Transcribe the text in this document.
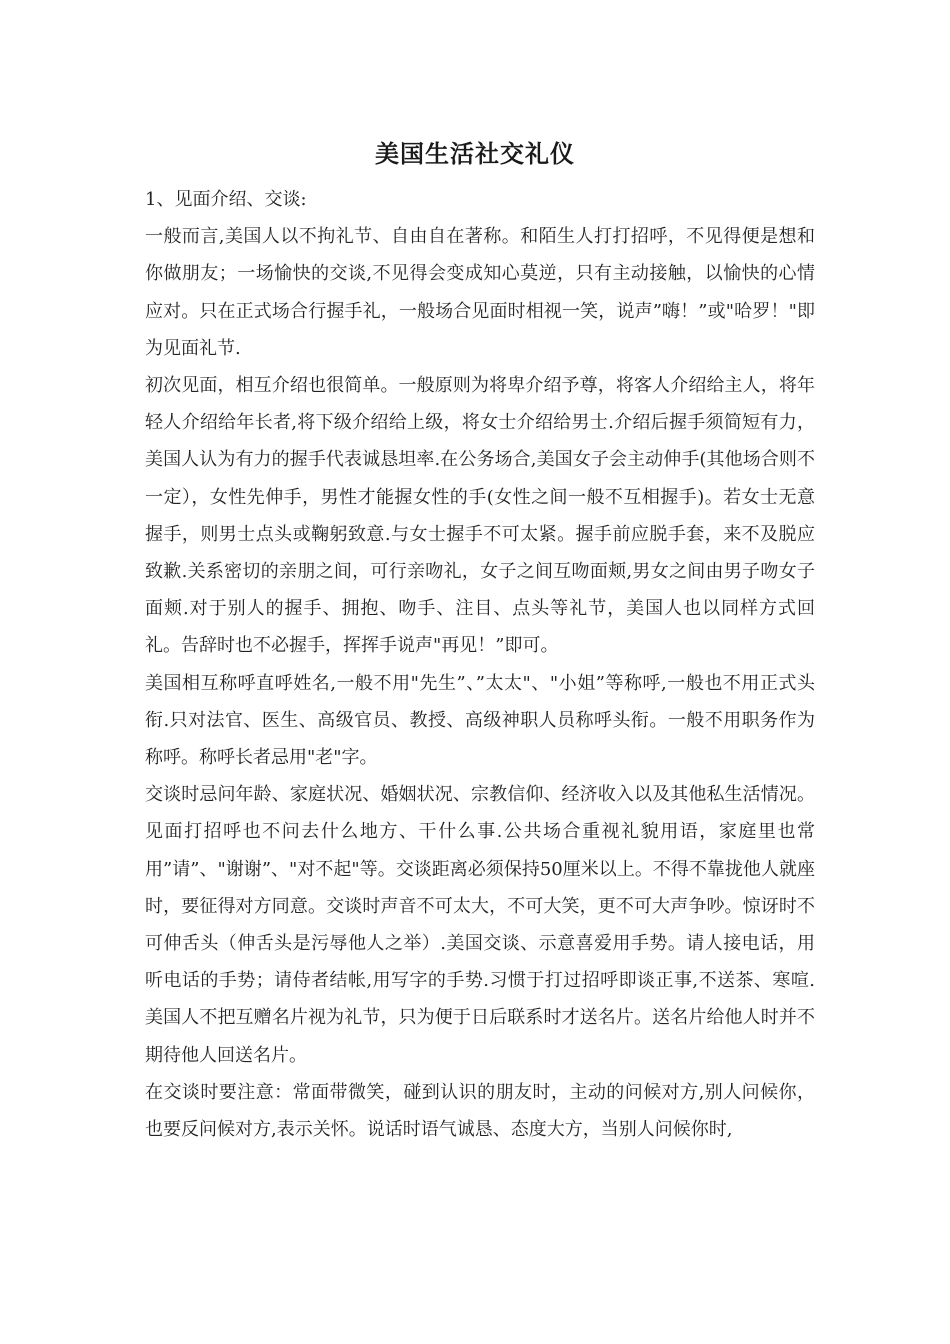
美国生活社交礼仪

1、见面介绍、交谈:

一般而言,美国人以不拘礼节、自由自在著称。和陌生人打打招呼，不见得便是想和你做朋友；一场愉快的交谈,不见得会变成知心莫逆，只有主动接触，以愉快的心情应对。只在正式场合行握手礼，一般场合见面时相视一笑，说声”嗨！”或"哈罗！"即为见面礼节.

初次见面，相互介绍也很简单。一般原则为将卑介绍予尊，将客人介绍给主人，将年轻人介绍给年长者,将下级介绍给上级，将女士介绍给男士.介绍后握手须简短有力，美国人认为有力的握手代表诚恳坦率.在公务场合,美国女子会主动伸手(其他场合则不一定），女性先伸手，男性才能握女性的手(女性之间一般不互相握手)。若女士无意握手，则男士点头或鞠躬致意.与女士握手不可太紧。握手前应脱手套，来不及脱应致歉.关系密切的亲朋之间，可行亲吻礼，女子之间互吻面颊,男女之间由男子吻女子面颊.对于别人的握手、拥抱、吻手、注目、点头等礼节，美国人也以同样方式回礼。告辞时也不必握手，挥挥手说声"再见！”即可。

美国相互称呼直呼姓名,一般不用"先生”、”太太"、"小姐”等称呼,一般也不用正式头衔.只对法官、医生、高级官员、教授、高级神职人员称呼头衔。一般不用职务作为称呼。称呼长者忌用"老"字。

交谈时忌问年龄、家庭状况、婚姻状况、宗教信仰、经济收入以及其他私生活情况。见面打招呼也不问去什么地方、干什么事.公共场合重视礼貌用语，家庭里也常用”请”、"谢谢”、"对不起"等。交谈距离必须保持50厘米以上。不得不靠拢他人就座时，要征得对方同意。交谈时声音不可太大，不可大笑，更不可大声争吵。惊讶时不可伸舌头（伸舌头是污辱他人之举）.美国交谈、示意喜爱用手势。请人接电话，用听电话的手势；请侍者结帐,用写字的手势.习惯于打过招呼即谈正事,不送茶、寒喧.美国人不把互赠名片视为礼节，只为便于日后联系时才送名片。送名片给他人时并不期待他人回送名片。

在交谈时要注意：常面带微笑，碰到认识的朋友时，主动的问候对方,别人问候你，也要反问候对方,表示关怀。说话时语气诚恳、态度大方，当别人问候你时,
